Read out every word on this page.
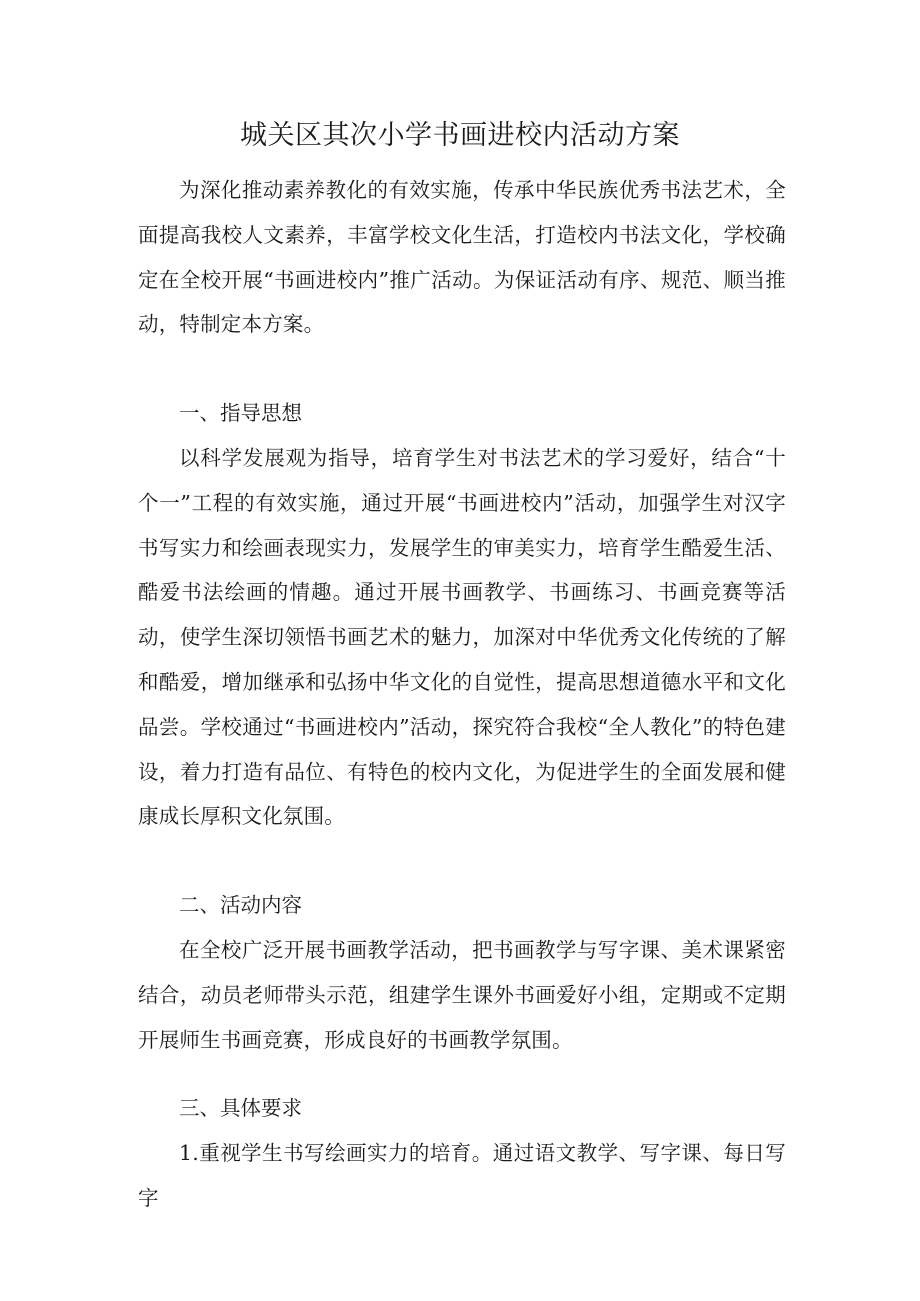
城关区其次小学书画进校内活动方案

为深化推动素养教化的有效实施，传承中华民族优秀书法艺术，全面提高我校人文素养，丰富学校文化生活，打造校内书法文化，学校确定在全校开展“书画进校内”推广活动。为保证活动有序、规范、顺当推动，特制定本方案。

一、指导思想

以科学发展观为指导，培育学生对书法艺术的学习爱好，结合“十个一”工程的有效实施，通过开展“书画进校内”活动，加强学生对汉字书写实力和绘画表现实力，发展学生的审美实力，培育学生酷爱生活、酷爱书法绘画的情趣。通过开展书画教学、书画练习、书画竞赛等活动，使学生深切领悟书画艺术的魅力，加深对中华优秀文化传统的了解和酷爱，增加继承和弘扬中华文化的自觉性，提高思想道德水平和文化品尝。学校通过“书画进校内”活动，探究符合我校“全人教化”的特色建设，着力打造有品位、有特色的校内文化，为促进学生的全面发展和健康成长厚积文化氛围。

二、活动内容

在全校广泛开展书画教学活动，把书画教学与写字课、美术课紧密结合，动员老师带头示范，组建学生课外书画爱好小组，定期或不定期开展师生书画竞赛，形成良好的书画教学氛围。

三、具体要求

1.重视学生书写绘画实力的培育。通过语文教学、写字课、每日写字
